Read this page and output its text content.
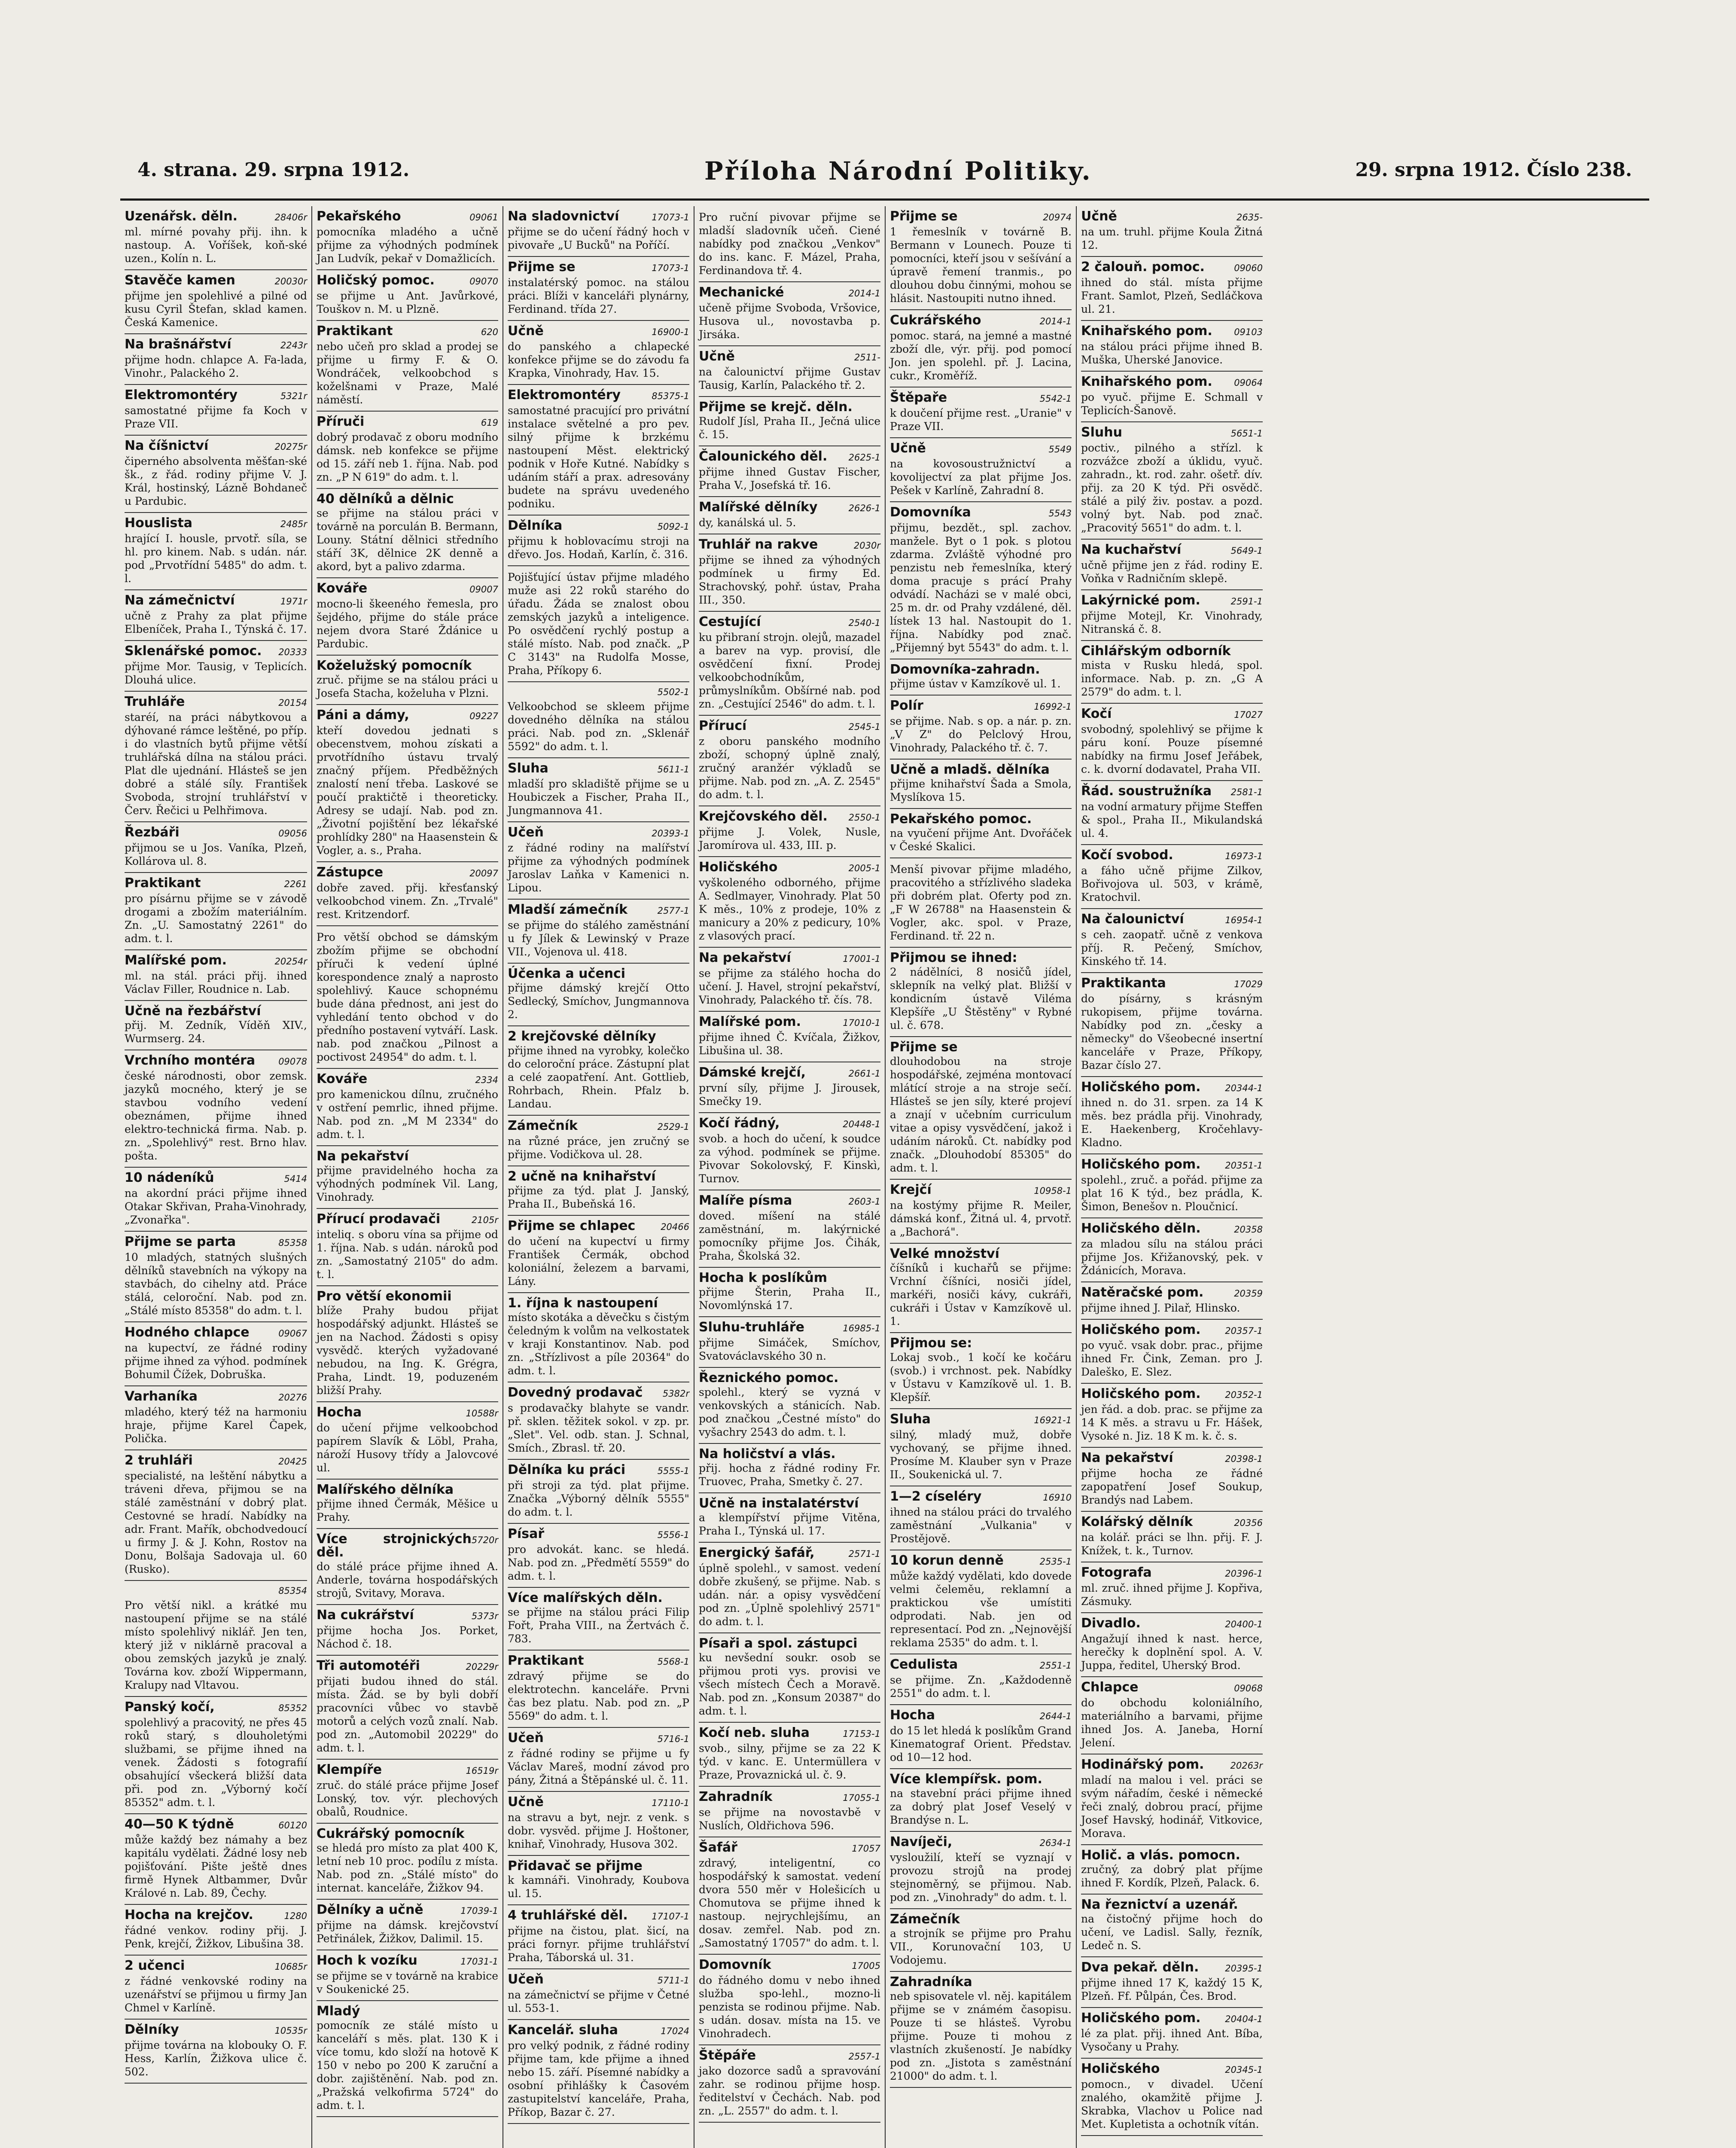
4. strana. 29. srpna 1912.	Příloha Národní Politiky.	29. srpna 1912. Číslo 238.
Uzenářsk. děln.	28406r
ml. mírné povahy přij. ihn. k nastoup. A. Voříšek, koň-ské uzen., Kolín n. L.
Stavěče kamen	20030r
přijme jen spolehlivé a pilné od kusu Cyril Štefan, sklad kamen. Česká Kamenice.
Na brašnářství	2243r
přijme hodn. chlapce A. Fa-lada, Vinohr., Palackého 2.
Elektromontéry	5321r
samostatné přijme fa Koch v Praze VII.
Na číšnictví	20275r
čiperného absolventa měšťan-ské šk., z řád. rodiny přijme V. J. Král, hostinský, Lázně Bohdaneč u Pardubic.
Houslista	2485r
hrající I. housle, prvotř. síla, se hl. pro kinem. Nab. s udán. nár. pod „Prvotřídní 5485" do adm. t. l.
Na zámečnictví	1971r
učně z Prahy za plat přijme Elbeníček, Praha I., Týnská č. 17.
Sklenářské pomoc. 20333
přijme Mor. Tausig, v Teplicích. Dlouhá ulice.
Truhláře	20154
staréí, na práci nábytkovou a dýhované rámce leštěné, po příp. i do vlastních bytů přijme větší truhlářská dílna na stálou práci. Plat dle ujednání. Hlásteš se jen dobré a stálé síly. František Svoboda, strojní truhlářství v Červ. Řečici u Pelhřimova.
Řezbáři	09056
přijmou se u Jos. Vaníka, Plzeň, Kollárova ul. 8.
Praktikant	2261
pro písárnu přijme se v závodě drogami a zbožím materiálním. Zn. „U. Samostatný 2261" do adm. t. l.
Malířské pom.	20254r
ml. na stál. práci přij. ihned Václav Filler, Roudnice n. Lab.
Učně na řezbářství
přij. M. Zedník, Víděň XIV., Wurmserg. 24.
Vrchního montéra	09078
české národnosti, obor zemsk. jazyků mocného, který je se stavbou vodního vedení obeznámen, přijme ihned elektro-technická firma. Nab. p. zn. „Spolehlivý" rest. Brno hlav. pošta.
10 nádeníků	5414
na akordní práci přijme ihned Otakar Skřivan, Praha-Vinohrady, „Zvonařka".
Přijme se parta	85358
10 mladých, statných slušných dělníků stavebních na výkopy na stavbách, do cihelny atd. Práce stálá, celoroční. Nab. pod zn. „Stálé místo 85358" do adm. t. l.
Hodného chlapce	09067
na kupectví, ze řádné rodiny přijme ihned za výhod. podmínek Bohumil Čížek, Dobruška.
Varhaníka	20276
mladého, který též na harmoniu hraje, přijme Karel Čapek, Polička.
2 truhláři	20425
specialisté, na leštění nábytku a tráveni dřeva, přijmou se na stálé zaměstnání v dobrý plat. Cestovné se hradí. Nabídky na adr. Frant. Mařík, obchodvedoucí u firmy J. & J. Kohn, Rostov na Donu, Bolšaja Sadovaja ul. 60 (Rusko).
85354
Pro větší nikl. a krátké mu nastoupení přijme se na stálé místo spolehlivý niklář. Jen ten, který již v niklárně pracoval a obou zemských jazyků je znalý. Továrna kov. zboží Wippermann, Kralupy nad Vltavou.
Panský kočí,	85352
spolehlivý a pracovitý, ne přes 45 roků starý, s dlouholetými službami, se přijme ihned na venek. Žádosti s fotografií obsahující všeckerá bližší data při. pod zn. „Výborný kočí 85352" adm. t. l.
40—50 K týdně	60120
může každý bez námahy a bez kapitálu vydělati. Žádné losy neb pojišťování. Pište ještě dnes firmě Hynek Altbammer, Dvůr Králové n. Lab. 89, Čechy.
Hocha na krejčov.	1280
řádné venkov. rodiny přij. J. Penk, krejčí, Žižkov, Libušina 38.
2 učenci	10685r
z řádné venkovské rodiny na uzenářství se přijmou u firmy Jan Chmel v Karlíně.
Dělníky	10535r
přijme továrna na klobouky O. F. Hess, Karlín, Žižkova ulice č. 502.
Pekařského	09061
pomocníka mladého a učně přijme za výhodných podmínek Jan Ludvík, pekař v Domažlicích.
Holičský pomoc.	09070
se přijme u Ant. Javůrkové, Touškov n. M. u Plzně.
Praktikant	620
nebo učeň pro sklad a prodej se přijme u firmy F. & O. Wondráček, velkoobchod s koželšnami v Praze, Malé náměstí.
Příruči	619
dobrý prodavač z oboru modního dámsk. neb konfekce se přijme od 15. září neb 1. října. Nab. pod zn. „P N 619" do adm. t. l.
40 dělníků a dělnic
se přijme na stálou práci v továrně na porculán B. Bermann, Louny. Státní dělnici středního stáří 3K, dělnice 2K denně a akord, byt a palivo zdarma.
Kováře	09007
mocno-li škeeného řemesla, pro šejdého, přijme do stále práce nejem dvora Staré Ždánice u Pardubic.
Koželužský pomocník
zruč. přijme se na stálou práci u Josefa Stacha, koželuha v Plzni.
Páni a dámy,	09227
kteří dovedou jednati s obecenstvem, mohou získati a prvotřídního ústavu trvalý značný příjem. Předběžných znalostí není třeba. Laskové se poučí praktičtě i theoreticky. Adresy se udají. Nab. pod zn. „Životní pojištění bez lékařské prohlídky 280" na Haasenstein & Vogler, a. s., Praha.
Zástupce	20097
dobře zaved. přij. křesťanský velkoobchod vinem. Zn. „Trvalé" rest. Kritzendorf.
Pro větší obchod se dámským zbožím přijme se obchodní příruči k vedení úplné korespondence znalý a naprosto spolehlivý. Kauce schopnému bude dána přednost, ani jest do vyhledání tento obchod v do předního postavení vytváří. Lask. nab. pod značkou „Pilnost a poctivost 24954" do adm. t. l.
Kováře	2334
pro kamenickou dílnu, zručného v ostření pemrlic, ihned přijme. Nab. pod zn. „M M 2334" do adm. t. l.
Na pekařství
přijme pravidelného hocha za výhodných podmínek Vil. Lang, Vinohrady.
Přírucí prodavači	2105r
inteliq. s oboru vína sa přijme od 1. října. Nab. s udán. nároků pod zn. „Samostatný 2105" do adm. t. l.
Pro větší ekonomii
blíže Prahy budou přijat hospodářský adjunkt. Hlásteš se jen na Nachod. Žádosti s opisy vysvědč. kterých vyžadované nebudou, na Ing. K. Grégra, Praha, Lindt. 19, poduzeném bližší Prahy.
Hocha	10588r
do učení přijme velkoobchod papírem Slavík & Löbl, Praha, nároží Husovy třídy a Jalovcové ul.
Malířského dělníka
přijme ihned Čermák, Měšice u Prahy.
Více strojnických děl.
5720r
do stálé práce přijme ihned A. Anderle, továrna hospodářských strojů, Svitavy, Morava.
Na cukrářství	5373r
přijme hocha Jos. Porket, Náchod č. 18.
Tři automotéři	20229r
přijati budou ihned do stál. místa. Žád. se by byli dobří pracovníci vůbec vo stavbě motorů a celých vozů znalí. Nab. pod zn. „Automobil 20229" do adm. t. l.
Klempíře	16519r
zruč. do stálé práce přijme Josef Lonský, tov. výr. plechových obalů, Roudnice.
Cukrářský pomocník
se hledá pro místo za plat 400 K, letní neb 10 proc. podílu z místa. Nab. pod zn. „Stálé místo" do internat. kanceláře, Žižkov 94.
Dělníky a učně	17039-1
přijme na dámsk. krejčovství Petřinálek, Žižkov, Dalimil. 15.
Hoch k vozíku	17031-1
se přijme se v továrně na krabice v Soukenické 25.
Mladý
pomocník ze stálé místo u kanceláří s měs. plat. 130 K i více tomu, kdo složí na hotově K 150 v nebo po 200 K zaruční a dobr. zajištěnění. Nab. pod zn. „Pražská velkofirma 5724" do adm. t. l.
Na sladovnictví	17073-1
přijme se do učení řádný hoch v pivovaře „U Bucků" na Poříčí.
Přijme se	17073-1
instalatérský pomoc. na stálou práci. Blíži v kanceláři plynárny, Ferdinand. třída 27.
Učně	16900-1
do panského a chlapecké konfekce přijme se do závodu fa Krapka, Vinohrady, Hav. 15.
Elektromontéry	85375-1
samostatné pracující pro privátní instalace světelné a pro pev. silný přijme k brzkému nastoupení Měst. elektrický podnik v Hoře Kutné. Nabídky s udáním stáří a prax. adresovány budete na správu uvedeného podniku.
Dělníka	5092-1
přijmu k hoblovacímu stroji na dřevo. Jos. Hodaň, Karlín, č. 316.
Pojišťující ústav přijme mladého muže asi 22 roků starého do úřadu. Žáda se znalost obou zemských jazyků a inteligence. Po osvědčení rychlý postup a stálé místo. Nab. pod značk. „P C 3143" na Rudolfa Mosse, Praha, Příkopy 6.
5502-1
Velkoobchod se skleem přijme dovedného dělníka na stálou práci. Nab. pod zn. „Sklenář 5592" do adm. t. l.
Sluha	5611-1
mladší pro skladiště přijme se u Houbiczek a Fischer, Praha II., Jungmannova 41.
Učeň	20393-1
z řádné rodiny na malířství přijme za výhodných podmínek Jaroslav Laňka v Kamenici n. Lipou.
Mladší zámečník	2577-1
se přijme do stálého zaměstnání u fy Jílek & Lewinský v Praze VII., Vojenova ul. 418.
Účenka a učenci
přijme dámský krejčí Otto Sedlecký, Smíchov, Jungmannova 2.
2 krejčovské dělníky
přijme ihned na vyrobky, kolečko do celoroční práce. Zástupní plat a celé zaopatření. Ant. Gottlieb, Rohrbach, Rhein. Pfalz b. Landau.
Zámečník	2529-1
na různé práce, jen zručný se přijme. Vodičkova ul. 28.
2 učně na knihařství
přijme za týd. plat J. Janský, Praha II., Bubeňská 16.
Přijme se chlapec	20466
do učení na kupectví u firmy František Čermák, obchod koloniální, železem a barvami, Lány.
1. října k nastoupení
místo skotáka a děvečku s čistým čeledným k volům na velkostatek v kraji Konstantinov. Nab. pod zn. „Střízlivost a píle 20364" do adm. t. l.
Dovedný prodavač 5382r
s prodavačky blahyte se vandr. př. sklen. těžitek sokol. v zp. pr. „Slet". Vel. odb. stan. J. Schnal, Smích., Zbrasl. tř. 20.
Dělníka ku práci	5555-1
při stroji za týd. plat přijme. Značka „Výborný dělník 5555" do adm. t. l.
Písař	5556-1
pro advokát. kanc. se hledá. Nab. pod zn. „Předmětí 5559" do adm. t. l.
Více malířských děln.
se přijme na stálou práci Filip Fořt, Praha VIII., na Žertvách č. 783.
Praktikant	5568-1
zdravý přijme se do elektrotechn. kanceláře. Prvni čas bez platu. Nab. pod zn. „P 5569" do adm. t. l.
Učeň	5716-1
z řádné rodiny se přijme u fy Václav Mareš, modní závod pro pány, Žitná a Štěpánské ul. č. 11.
Učně	17110-1
na stravu a byt, nejr. z venk. s dobr. vysvěd. přijme J. Hoštoner, knihař, Vinohrady, Husova 302.
Přidavač se přijme
k kamnáři. Vinohrady, Koubova ul. 15.
4 truhlářské děl.	17107-1
přijme na čistou, plat. šicí, na práci fornyr. přijme truhlářství Praha, Táborská ul. 31.
Učeň	5711-1
na zámečnictví se přijme v Četné ul. 553-1.
Kancelář. sluha	17024
pro velký podnik, z řádné rodiny přijme tam, kde přijme a ihned nebo 15. září. Písemné nabídky a osobní přihlášky k Časovém zastupitelství kanceláře, Praha, Příkop, Bazar č. 27.
Pro ruční pivovar přijme se mladší sladovník učeň. Ciené nabídky pod značkou „Venkov" do ins. kanc. F. Mázel, Praha, Ferdinandova tř. 4.
Mechanické	2014-1
učeně přijme Svoboda, Vršovice, Husova ul., novostavba p. Jirsáka.
Učně	2511-
na čalounictví přijme Gustav Tausig, Karlín, Palackého tř. 2.
Přijme se krejč. děln.
Rudolf Jísl, Praha II., Ječná ulice č. 15.
Čalounického děl. 2625-1
přijme ihned Gustav Fischer, Praha V., Josefská tř. 16.
Malířské dělníky	2626-1
dy, kanálská ul. 5.
Truhlář na rakve	2030r
přijme se ihned za výhodných podmínek u firmy Ed. Strachovský, pohř. ústav, Praha III., 350.
Cestující	2540-1
ku přibraní strojn. olejů, mazadel a barev na vyp. provisí, dle osvědčení fixní. Prodej velkoobchodníkům, průmyslníkům. Obšírné nab. pod zn. „Cestující 2546" do adm. t. l.
Přírucí	2545-1
z oboru panského modního zboží, schopný úplně znalý, zručný aranžér výkladů se přijme. Nab. pod zn. „A. Z. 2545" do adm. t. l.
Krejčovského děl. 2550-1
přijme J. Volek, Nusle, Jaromírova ul. 433, III. p.
Holičského	2005-1
vyškoleného odborného, přijme A. Sedlmayer, Vinohrady. Plat 50 K měs., 10% z prodeje, 10% z manicury a 20% z pedicury, 10% z vlasových prací.
Na pekařství	17001-1
se přijme za stálého hocha do učení. J. Havel, strojní pekařství, Vinohrady, Palackého tř. čís. 78.
Malířské pom.	17010-1
přijme ihned Č. Kvíčala, Žižkov, Libušina ul. 38.
Dámské krejčí,	2661-1
první síly, přijme J. Jirousek, Smečky 19.
Kočí řádný,	20448-1
svob. a hoch do učení, k soudce za výhod. podmínek se přijme. Pivovar Sokolovský, F. Kinskì, Turnov.
Malíře písma	2603-1
doved. míšení na stálé zaměstnání, m. lakýrnické pomocníky přijme Jos. Čihák, Praha, Školská 32.
Hocha k poslíkům
přijme Šterin, Praha II., Novomlýnská 17.
Sluhu-truhláře	16985-1
přijme Simáček, Smíchov, Svatováclavského 30 n.
Řeznického pomoc.
spolehl., který se vyzná v venkovských a stánicích. Nab. pod značkou „Čestné místo" do vyšachry 2543 do adm. t. l.
Na holičství a vlás.
přij. hocha z řádné rodiny Fr. Truovec, Praha, Smetky č. 27.
Učně na instalatérství
a klempířství přijme Vitěna, Praha I., Týnská ul. 17.
Energický šafář,	2571-1
úplně spolehl., v samost. vedení dobře zkušený, se přijme. Nab. s udán. nár. a opisy vysvědčení pod zn. „Úplně spolehlivý 2571" do adm. t. l.
Písaři a spol. zástupci
ku nevšední soukr. osob se přijmou proti vys. provisi ve všech místech Čech a Moravě. Nab. pod zn. „Konsum 20387" do adm. t. l.
Kočí neb. sluha	17153-1
svob., silny, přijme se za 22 K týd. v kanc. E. Untermüllera v Praze, Provaznická ul. č. 9.
Zahradník	17055-1
se přijme na novostavbě v Nuslích, Oldřichova 596.
Šafář	17057
zdravý, inteligentní, co hospodářský k samostat. vedení dvora 550 měr v Holešicích u Chomutova se přijme ihned k nastoup. nejrychlejšímu, an dosav. zemřel. Nab. pod zn. „Samostatný 17057" do adm. t. l.
Domovník	17005
do řádného domu v nebo ihned služba spo-lehl., mozno-li penzista se rodinou přijme. Nab. s udán. dosav. místa na 15. ve Vinohradech.
Štěpáře	2557-1
jako dozorce sadů a spravování zahr. se rodinou přijme hosp. ředitelství v Čechách. Nab. pod zn. „L. 2557" do adm. t. l.
Přijme se	20974
1 řemeslník v továrně B. Bermann v Lounech. Pouze ti pomocníci, kteří jsou v sešívání a úpravě řemení tranmis., po dlouhou dobu činnými, mohou se hlásit. Nastoupiti nutno ihned.
Cukrářského	2014-1
pomoc. stará, na jemné a mastné zboží dle, výr. přij. pod pomocí Jon. jen spolehl. př. J. Lacina, cukr., Kroměříž.
Štěpaře	5542-1
k doučení přijme rest. „Uranie" v Praze VII.
Učně	5549
na kovosoustružnictví a kovolijectví za plat přijme Jos. Pešek v Karlíně, Zahradní 8.
Domovníka	5543
přijmu, bezdět., spl. zachov. manžele. Byt o 1 pok. s plotou zdarma. Zvláště výhodné pro penzistu neb řemeslníka, který doma pracuje s prácí Prahy odvádí. Nacházi se v malé obci, 25 m. dr. od Prahy vzdálené, děl. lístek 13 hal. Nastoupit do 1. října. Nabídky pod znač. „Přijemný byt 5543" do adm. t. l.
Domovníka-zahradn.
přijme ústav v Kamzíkově ul. 1.
Polír	16992-1
se přijme. Nab. s op. a nár. p. zn. „V Z" do Pelclový Hrou, Vinohrady, Palackého tř. č. 7.
Učně a mladš. dělníka
přijme knihařství Šada a Smola, Myslíkova 15.
Pekařského pomoc.
na vyučení přijme Ant. Dvořáček v České Skalici.
Menší pivovar přijme mladého, pracovitého a střízlivého sladeka při dobrém plat. Oferty pod zn. „F W 26788" na Haasenstein & Vogler, akc. spol. v Praze, Ferdinand. tř. 22 n.
Přijmou se ihned:
2 nádělníci, 8 nosičů jídel, sklepník na velký plat. Bližší v kondicním ústavě Viléma Klepšíře „U Štěstěny" v Rybné ul. č. 678.
Přijme se
dlouhodobou na stroje hospodářské, zejména montovací mlátící stroje a na stroje sečí. Hlásteš se jen síly, které projeví a znají v učebním curriculum vitae a opisy vysvědčení, jakož i udáním nároků. Ct. nabídky pod značk. „Dlouhodobí 85305" do adm. t. l.
Krejčí	10958-1
na kostýmy přijme R. Meiler, dámská konf., Žitná ul. 4, prvotř. a „Bachorá".
Velké množství
číšníků i kuchařů se přijme: Vrchní číšníci, nosiči jídel, markéři, nosiči kávy, cukráři, cukráři i Ústav v Kamzíkově ul. 1.
Přijmou se:
Lokaj svob., 1 kočí ke kočáru (svob.) i vrchnost. pek. Nabídky v Ústavu v Kamzíkově ul. 1. B. Klepšíř.
Sluha	16921-1
silný, mladý muž, dobře vychovaný, se přijme ihned. Prosíme M. Klauber syn v Praze II., Soukenická ul. 7.
1—2 císeléry	16910
ihned na stálou práci do trvalého zaměstnání „Vulkania" v Prostějově.
10 korun denně	2535-1
může každý vydělati, kdo dovede velmi čeleměu, reklamní a praktickou vše umístiti odprodati. Nab. jen od representací. Pod zn. „Nejnovější reklama 2535" do adm. t. l.
Cedulista	2551-1
se přijme. Zn. „Každodenně 2551" do adm. t. l.
Hocha	2644-1
do 15 let hledá k poslíkům Grand Kinematograf Orient. Představ. od 10—12 hod.
Více klempířsk. pom.
na stavební práci přijme ihned za dobrý plat Josef Veselý v Brandýse n. L.
Navíječi,	2634-1
vysloužilí, kteří se vyznají v provozu strojů na prodej stejnoměrný, se přijmou. Nab. pod zn. „Vinohrady" do adm. t. l.
Zámečník
a strojník se přijme pro Prahu VII., Korunovační 103, U Vodojemu.
Zahradníka
neb spisovatele vl. něj. kapitálem přijme se v známém časopisu. Pouze ti se hlásteš. Vyrobu přijme. Pouze ti mohou z vlastních zkušeností. Je nabídky pod zn. „Jistota s zaměstnání 21000" do adm. t. l.
Učně	2635-
na um. truhl. přijme Koula Žitná 12.
2 čalouň. pomoc.	09060
ihned do stál. místa přijme Frant. Samlot, Plzeň, Sedláčkova ul. 21.
Knihařského pom. 09103
na stálou práci přijme ihned B. Muška, Uherské Janovice.
Knihařského pom. 09064
po vyuč. přijme E. Schmall v Teplicích-Šanově.
Sluhu	5651-1
poctiv., pilného a střízl. k rozvážce zboží a úklidu, vyuč. zahradn., kt. rod. zahr. ošetř. dív. přij. za 20 K týd. Při osvědč. stálé a pilý živ. postav. a pozd. volný byt. Nab. pod znač. „Pracovitý 5651" do adm. t. l.
Na kuchařství	5649-1
učně přijme jen z řád. rodiny E. Voňka v Radničním sklepě.
Lakýrnické pom.	2591-1
přijme Motejl, Kr. Vinohrady, Nitranská č. 8.
Cihlářským odborník
mista v Rusku hledá, spol. informace. Nab. p. zn. „G A 2579" do adm. t. l.
Kočí	17027
svobodný, spolehlivý se přijme k páru koní. Pouze písemné nabídky na firmu Josef Jeřábek, c. k. dvorní dodavatel, Praha VII.
Řád. soustružníka 2581-1
na vodní armatury přijme Steffen & spol., Praha II., Mikulandská ul. 4.
Kočí svobod.	16973-1
a fáho učně přijme Zilkov, Bořivojova ul. 503, v krámě, Kratochvil.
Na čalounictví	16954-1
s ceh. zaopatř. učně z venkova příj. R. Pečený, Smíchov, Kinského tř. 14.
Praktikanta	17029
do písárny, s krásným rukopisem, přijme továrna. Nabídky pod zn. „česky a německy" do Všeobecné insertní kanceláře v Praze, Příkopy, Bazar číslo 27.
Holičského pom.	20344-1
ihned n. do 31. srpen. za 14 K měs. bez prádla přij. Vinohrady, E. Haekenberg, Kročehlavy-Kladno.
Holičského pom.	20351-1
spolehl., zruč. a pořád. přijme za plat 16 K týd., bez prádla, K. Šimon, Benešov n. Ploučnicí.
Holičského děln.	20358
za mladou sílu na stálou práci přijme Jos. Křižanovský, pek. v Ždánicích, Morava.
Natěračské pom.	20359
přijme ihned J. Pilař, Hlinsko.
Holičského pom.	20357-1
po vyuč. vsak dobr. prac., přijme ihned Fr. Čink, Zeman. pro J. Daleško, E. Slez.
Holičského pom.	20352-1
jen řád. a dob. prac. se přijme za 14 K měs. a stravu u Fr. Hášek, Vysoké n. Jiz. 18 K m. k. č. s.
Na pekařství	20398-1
přijme hocha ze řádné zapopatření Josef Soukup, Brandýs nad Labem.
Kolářský dělník	20356
na kolář. práci se lhn. přij. F. J. Knížek, t. k., Turnov.
Fotografa	20396-1
ml. zruč. ihned přijme J. Kopřiva, Zásmuky.
Divadlo.	20400-1
Angažují ihned k nast. herce, herečky k doplnění spol. A. V. Juppa, ředitel, Uherský Brod.
Chlapce	09068
do obchodu koloniálního, materiálního a barvami, přijme ihned Jos. A. Janeba, Horní Jelení.
Hodinářský pom.	20263r
mladí na malou i vel. práci se svým nářadím, české i německé řeči znalý, dobrou prací, přijme Josef Havský, hodinář, Vitkovice, Morava.
Holič. a vlás. pomocn.
zručný, za dobrý plat příjme ihned F. Kordík, Plzeň, Palack. 6.
Na řeznictví a uzenář.
na čistočný přijme hoch do učení, ve Ladisl. Sally, řezník, Ledeč n. S.
Dva pekař. děln.	20395-1
přijme ihned 17 K, každý 15 K, Plzeň. Ff. Půlpán, Čes. Brod.
Holičského pom.	20404-1
lé za plat. přij. ihned Ant. Bíba, Vysočany u Prahy.
Holičského	20345-1
pomocn., v divadel. Učení znalého, okamžitě přijme J. Skrabka, Vlachov u Police nad Met. Kupletista a ochotník vítán.
